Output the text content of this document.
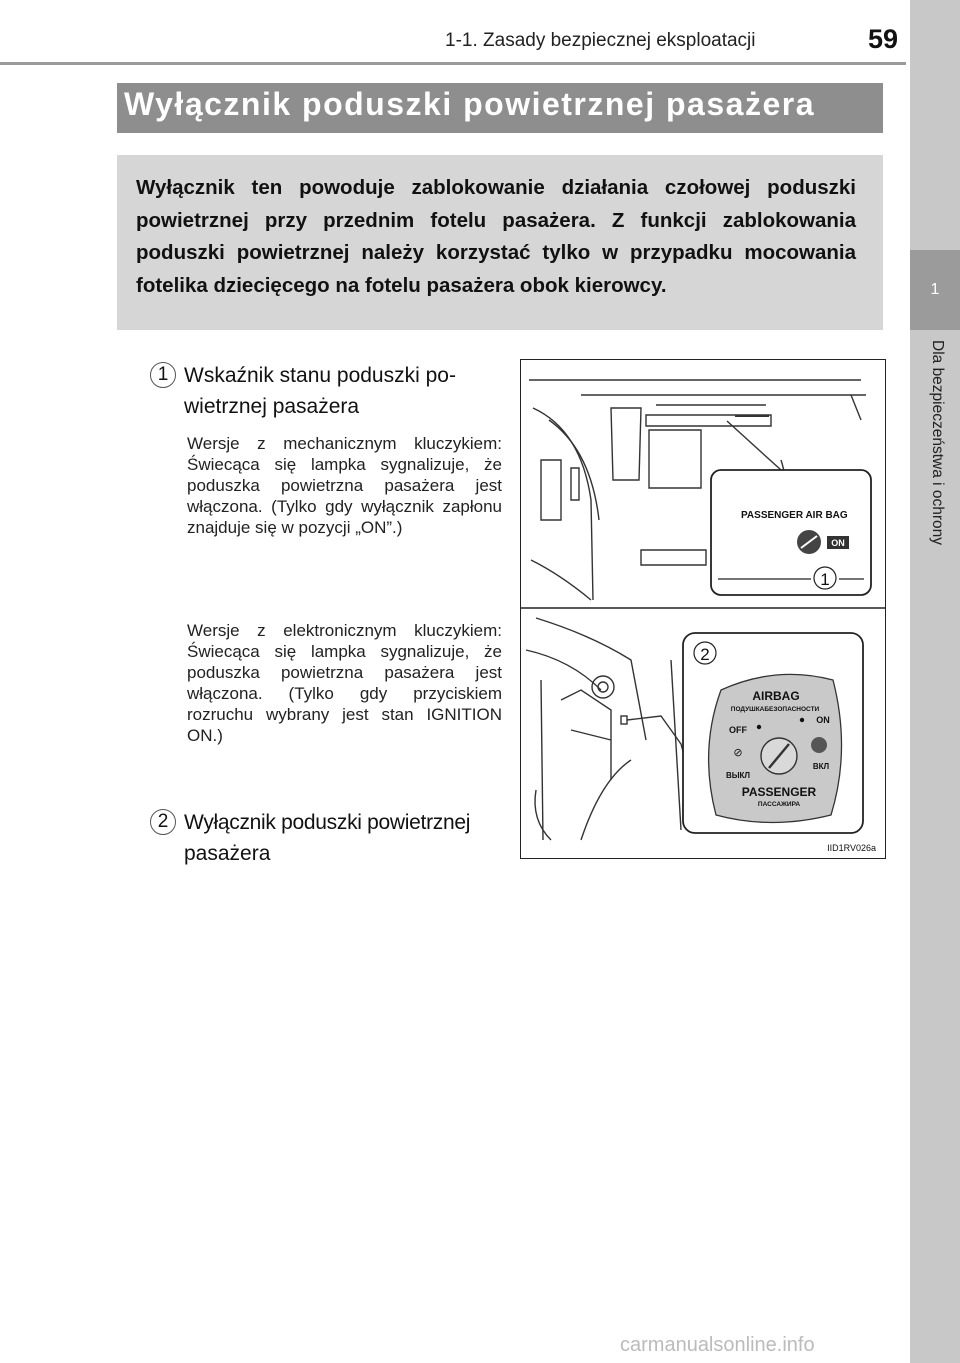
1-1. Zasady bezpiecznej eksploatacji	59
1
Dla bezpieczeństwa i ochrony
Wyłącznik poduszki powietrznej pasażera
Wyłącznik ten powoduje zablokowanie działania czołowej poduszki powietrznej przy przednim fotelu pasażera. Z funkcji zablokowania poduszki powietrznej należy korzystać tylko w przypadku mocowania fotelika dziecięcego na fotelu pasażera obok kierowcy.
1 Wskaźnik stanu poduszki po-
wietrznej pasażera
Wersje z mechanicznym kluczykiem: Świecąca się lampka sygnalizuje, że poduszka powietrzna pasażera jest włączona. (Tylko gdy wyłącznik zapłonu znajduje się w pozycji „ON”.)
Wersje z elektronicznym kluczykiem: Świecąca się lampka sygnalizuje, że poduszka powietrzna pasażera jest włączona. (Tylko gdy przyciskiem rozruchu wybrany jest stan IGNITION ON.)
2 Wyłącznik poduszki powietrznej
pasażera
1
PASSENGER AIR BAG
ON
2
AIRBAG
ПОДУШКАБЕЗОПАСНОСТИ
OFF
ON
⊘
ВЫКЛ
ВКЛ
PASSENGER
ПАССАЖИРА
IID1RV026a
carmanualsonline.info
